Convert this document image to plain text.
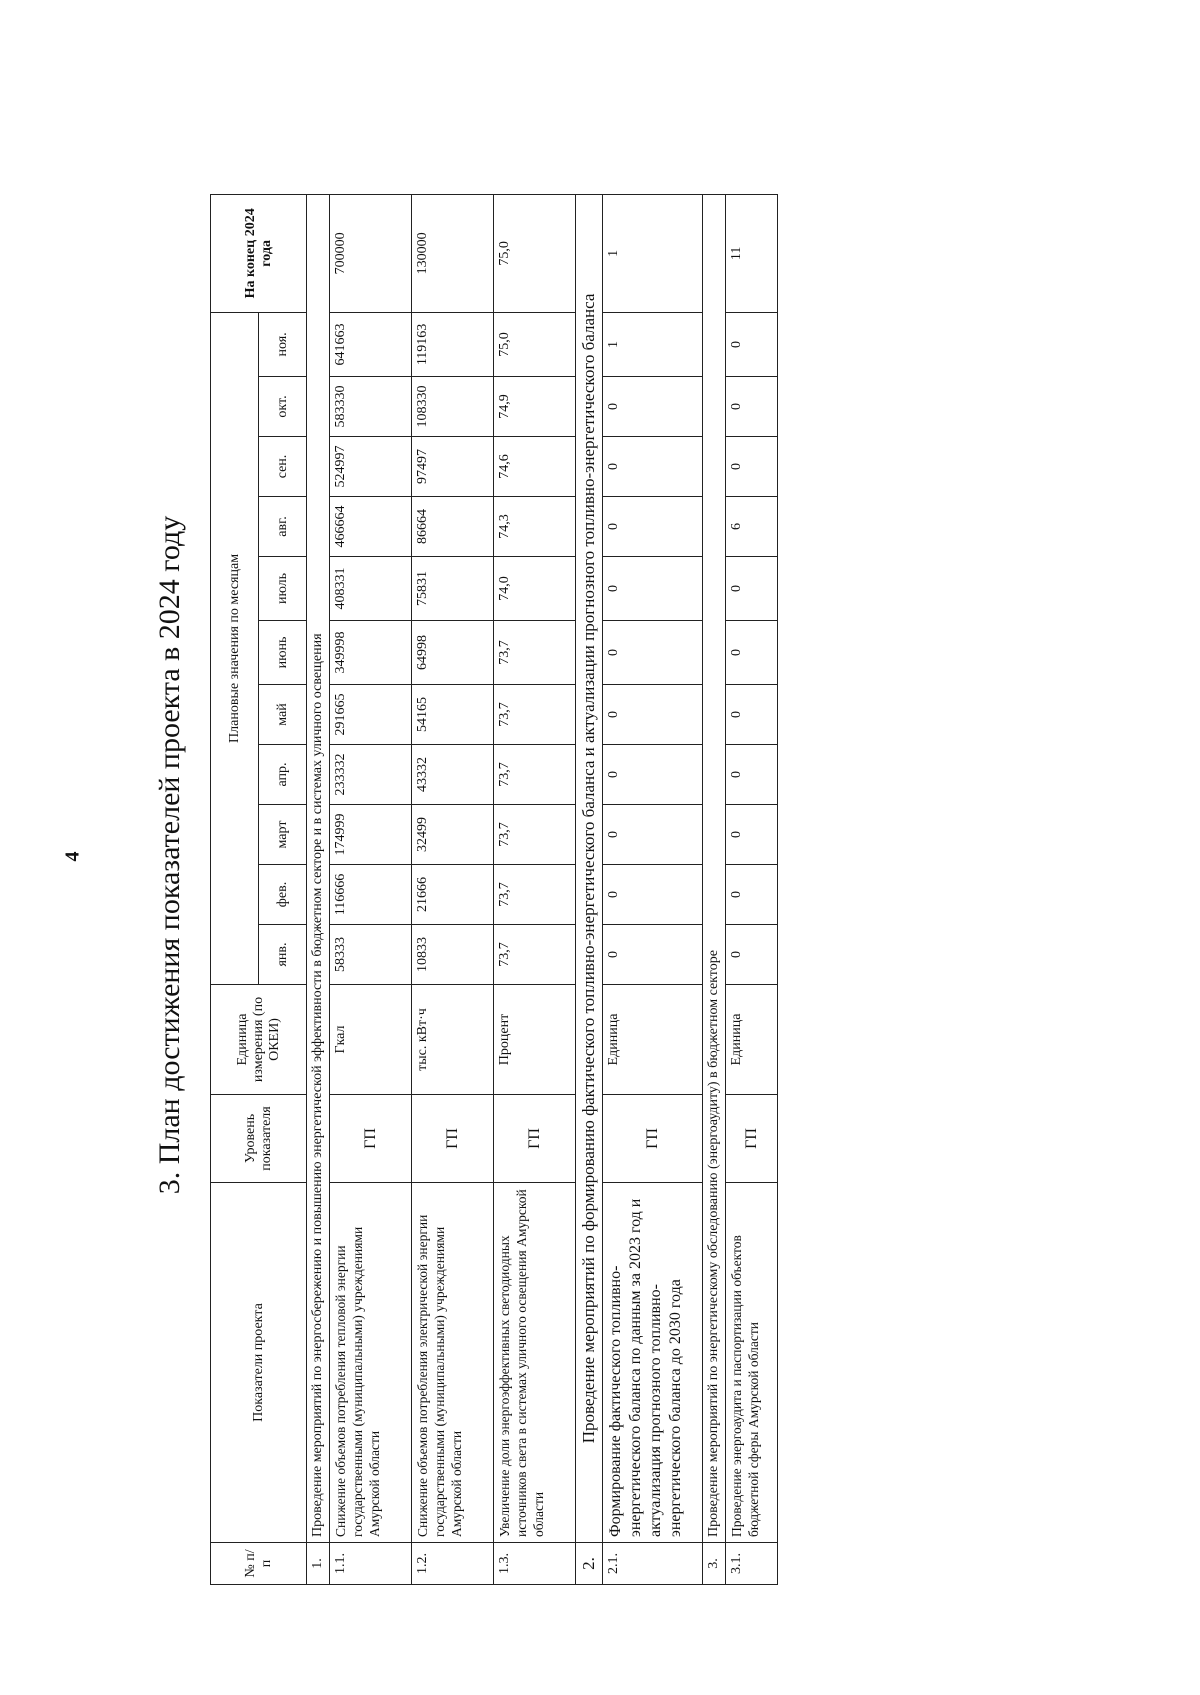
4	3. План достижения показателей проекта в 2024 году
№ п/п	Показатели проекта	Уровень показателя	Единица измерения (по ОКЕИ)	Плановые значения по месяцам											На конец 2024 года
				янв.	фев.	март	апр.	май	июнь	июль	авг.	сен.	окт.	ноя.	
1.	Проведение мероприятий по энергосбережению и повышению энергетической эффективности в бюджетном секторе и в системах уличного освещения														
1.1.	Снижение объемов потребления тепловой энергии государственными (муниципальными) учреждениями Амурской области	ГП	Гкал	58333	116666	174999	233332	291665	349998	408331	466664	524997	583330	641663	700000
1.2.	Снижение объемов потребления электрической энергии государственными (муниципальными) учреждениями Амурской области	ГП	тыс. кВт·ч	10833	21666	32499	43332	54165	64998	75831	86664	97497	108330	119163	130000
1.3.	Увеличение доли энергоэффективных светодиодных источников света в системах уличного освещения Амурской области	ГП	Процент	73,7	73,7	73,7	73,7	73,7	73,7	74,0	74,3	74,6	74,9	75,0	75,0
2.	Проведение мероприятий по формированию фактического топливно-энергетического баланса и актуализации прогнозного топливно-энергетического баланса														
2.1.	Формирование фактического топливно-энергетического баланса по данным за 2023 год и актуализация прогнозного топливно-энергетического баланса до 2030 года	ГП	Единица	0	0	0	0	0	0	0	0	0	0	1	1
3.	Проведение мероприятий по энергетическому обследованию (энергоаудиту) в бюджетном секторе														
3.1.	Проведение энергоаудита и паспортизации объектов бюджетной сферы Амурской области	ГП	Единица	0	0	0	0	0	0	0	6	0	0	0	11
